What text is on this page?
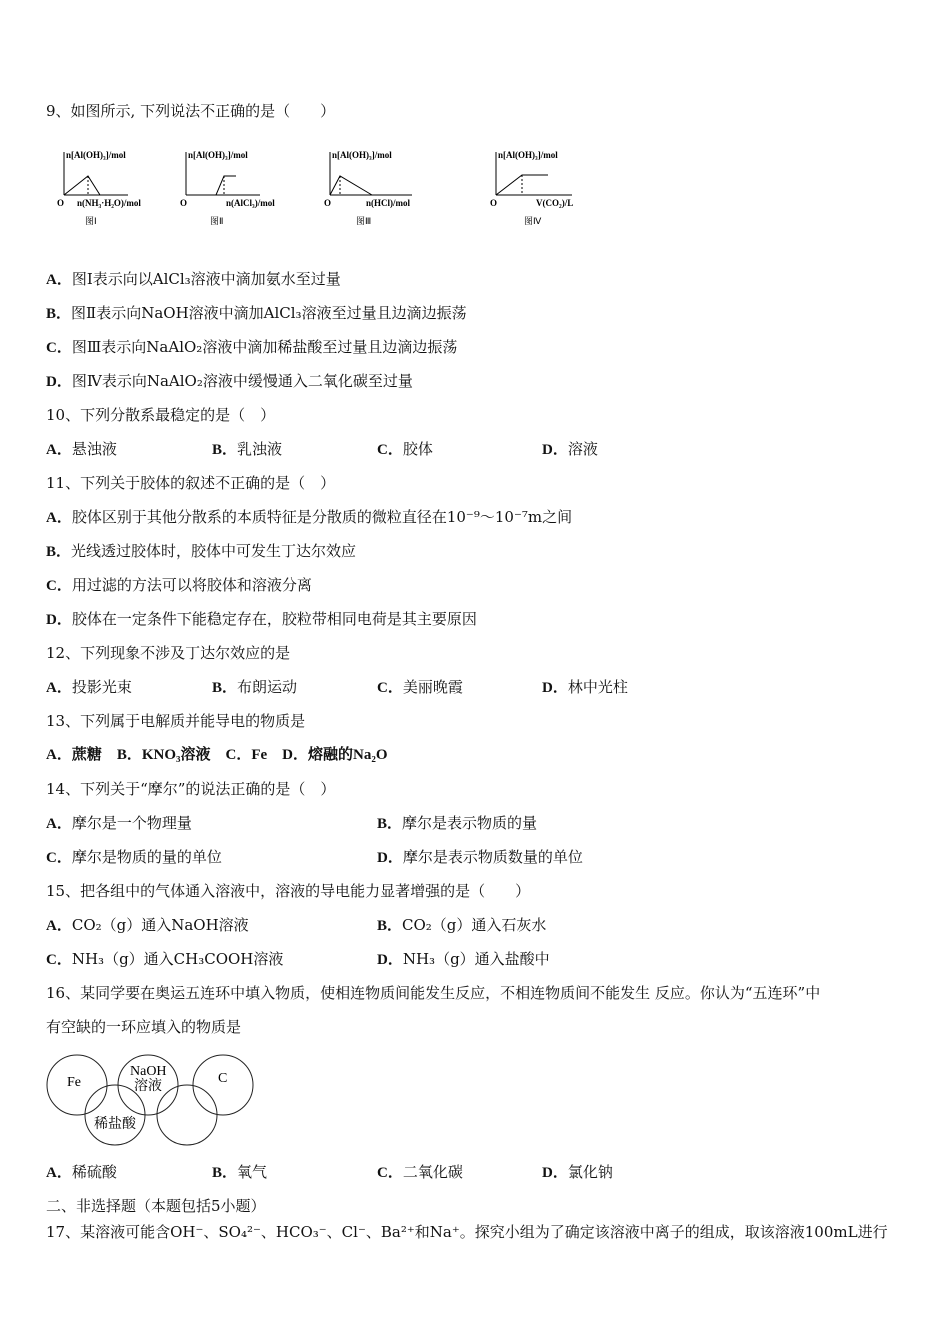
9、如图所示, 下列说法不正确的是（　　）
n[Al(OH)₃]/mol
O n(NH₃·H₂O)/mol
图Ⅰ
n[Al(OH)₃]/mol
O	n(AlCl₃)/mol
图Ⅱ
n[Al(OH)₃]/mol
O	n(HCl)/mol
图Ⅲ
n[Al(OH)₃]/mol
O	V(CO₂)/L
图Ⅳ
A．图Ⅰ表示向以AlCl₃溶液中滴加氨水至过量
B．图Ⅱ表示向NaOH溶液中滴加AlCl₃溶液至过量且边滴边振荡
C．图Ⅲ表示向NaAlO₂溶液中滴加稀盐酸至过量且边滴边振荡
D．图Ⅳ表示向NaAlO₂溶液中缓慢通入二氧化碳至过量
10、下列分散系最稳定的是（　）
A．悬浊液	B．乳浊液	C．胶体	D．溶液
11、下列关于胶体的叙述不正确的是（　）
A．胶体区别于其他分散系的本质特征是分散质的微粒直径在10⁻⁹～10⁻⁷m之间
B．光线透过胶体时，胶体中可发生丁达尔效应
C．用过滤的方法可以将胶体和溶液分离
D．胶体在一定条件下能稳定存在，胶粒带相同电荷是其主要原因
12、下列现象不涉及丁达尔效应的是
A．投影光束	B．布朗运动	C．美丽晚霞	D．林中光柱
13、下列属于电解质并能导电的物质是
A．蔗糖　B．KNO₃溶液　C．Fe　D．熔融的Na₂O
14、下列关于“摩尔”的说法正确的是（　）
A．摩尔是一个物理量	B．摩尔是表示物质的量
C．摩尔是物质的量的单位	D．摩尔是表示物质数量的单位
15、把各组中的气体通入溶液中，溶液的导电能力显著增强的是（　　）
A．CO₂（g）通入NaOH溶液	B．CO₂（g）通入石灰水
C．NH₃（g）通入CH₃COOH溶液	D．NH₃（g）通入盐酸中
16、某同学要在奥运五连环中填入物质，使相连物质间能发生反应，不相连物质间不能发生 反应。你认为“五连环”中
有空缺的一环应填入的物质是
Fe
NaOH
溶液
C
稀盐酸
A．稀硫酸	B．氧气	C．二氧化碳	D．氯化钠
二、非选择题（本题包括5小题）
17、某溶液可能含OH⁻、SO₄²⁻、HCO₃⁻、Cl⁻、Ba²⁺和Na⁺。探究小组为了确定该溶液中离子的组成，取该溶液100mL进行
